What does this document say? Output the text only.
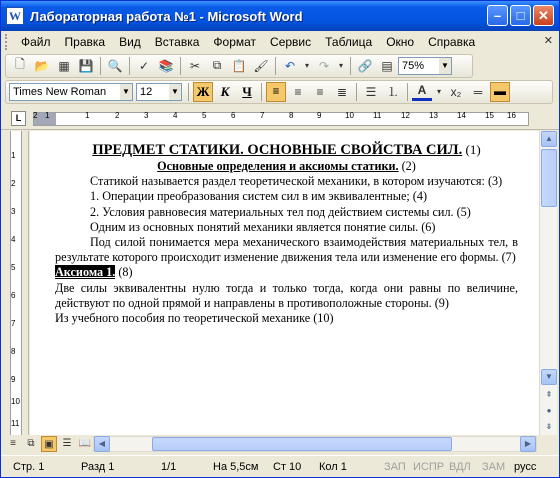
W Лабораторная работа №1 - Microsoft Word	–	□	✕
Файл	Правка	Вид	Вставка	Формат	Сервис	Таблица	Окно	Справка	✕
🗋 📂 ▦ 💾 🔍	✓ 📚	✂	⧉ 📋 🖌	↶	▾ ↷	▾ 🔗 ▤ 75% ▼
Times New Roman ▼ 12 ▼ Ж К Ч	≡	≡	≡	≣	☰ ⒈	A	▾ x₂	═ ▬
L	1
2	1	2	3	4	5	6	7	8	9	10 11 12 13 14 15 16
1
2
3
4
5
6
7
8
9
10
11

ПРЕДМЕТ СТАТИКИ. ОСНОВНЫЕ СВОЙСТВА СИЛ. (1)

Основные определения и аксиомы статики. (2)

Статикой называется раздел теоретической механики, в котором изучаются: (3)

1. Операции преобразования систем сил в им эквивалентные; (4)

2. Условия равновесия материальных тел под действием системы сил. (5)

Одним из основных понятий механики является понятие силы. (6)

Под силой понимается мера механического взаимодействия материальных тел, в результате которого происходит изменение движения тела или изменение его формы. (7)

Аксиома 1. (8)

Две силы эквивалентны нулю тогда и только тогда, когда они равны по величине, действуют по одной прямой и направлены в противоположные стороны. (9)

Из учебного пособия по теоретической механике (10)

▲
▼
⇞
●
⇟
≡	⧉ ▣ ☰ 📖 ◀	▶
Стр. 1	Разд 1	1/1	На 5,5см Ст 10 Кол 1	ЗАП ИСПР ВДЛ ЗАМ русс
